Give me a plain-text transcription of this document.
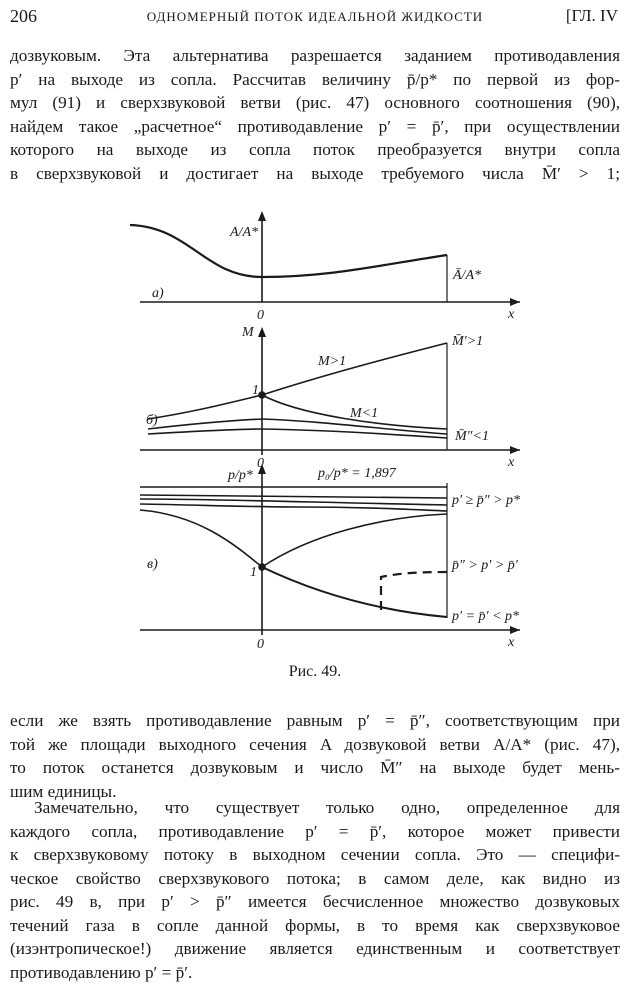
206	ОДНОМЕРНЫЙ ПОТОК ИДЕАЛЬНОЙ ЖИДКОСТИ	[ГЛ. IV
дозвуковым. Эта альтернатива разрешается заданием противодавления
p′ на выходе из сопла. Рассчитав величину p̄/p* по первой из фор-
мул (91) и сверхзвуковой ветви (рис. 47) основного соотношения (90),
найдем такое „расчетное“ противодавление p′ = p̄′, при осуществлении
которого на выходе из сопла поток преобразуется внутри сопла
в сверхзвуковой и достигает на выходе требуемого числа M̄′ > 1;
A/A*
а)
Ā/A*
0	x
M
1
M>1
M<1
M̄′>1
M̄″<1
б)
0	x
p/p*	p₀/p* = 1,897
p′ ≥ p̄″ > p*
p̄″ > p′ > p̄′
p′ = p̄′ < p*
в)
1
0	x
Рис. 49.
если же взять противодавление равным p′ = p̄″, соответствующим при
той же площади выходного сечения A дозвуковой ветви A/A* (рис. 47),
то поток останется дозвуковым и число M̄″ на выходе будет мень-
шим единицы.
Замечательно, что существует только одно, определенное для
каждого сопла, противодавление p′ = p̄′, которое может привести
к сверхзвуковому потоку в выходном сечении сопла. Это — специфи-
ческое свойство сверхзвукового потока; в самом деле, как видно из
рис. 49 в, при p′ > p̄″ имеется бесчисленное множество дозвуковых
течений газа в сопле данной формы, в то время как сверхзвуковое
(изэнтропическое!) движение является единственным и соответствует
противодавлению p′ = p̄′.
